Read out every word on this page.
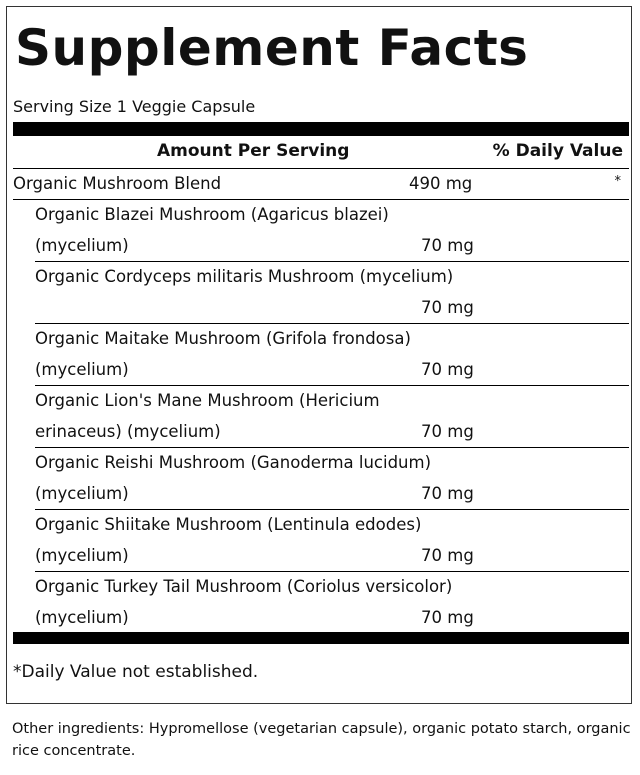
Supplement Facts
Serving Size 1 Veggie Capsule
Amount Per Serving	% Daily Value
Organic Mushroom Blend	490 mg	*
Organic Blazei Mushroom (Agaricus blazei)
(mycelium)	70 mg
Organic Cordyceps militaris Mushroom (mycelium)
70 mg
Organic Maitake Mushroom (Grifola frondosa)
(mycelium)	70 mg
Organic Lion's Mane Mushroom (Hericium
erinaceus) (mycelium)	70 mg
Organic Reishi Mushroom (Ganoderma lucidum)
(mycelium)	70 mg
Organic Shiitake Mushroom (Lentinula edodes)
(mycelium)	70 mg
Organic Turkey Tail Mushroom (Coriolus versicolor)
(mycelium)	70 mg
*Daily Value not established.
Other ingredients: Hypromellose (vegetarian capsule), organic potato starch, organic rice concentrate.
